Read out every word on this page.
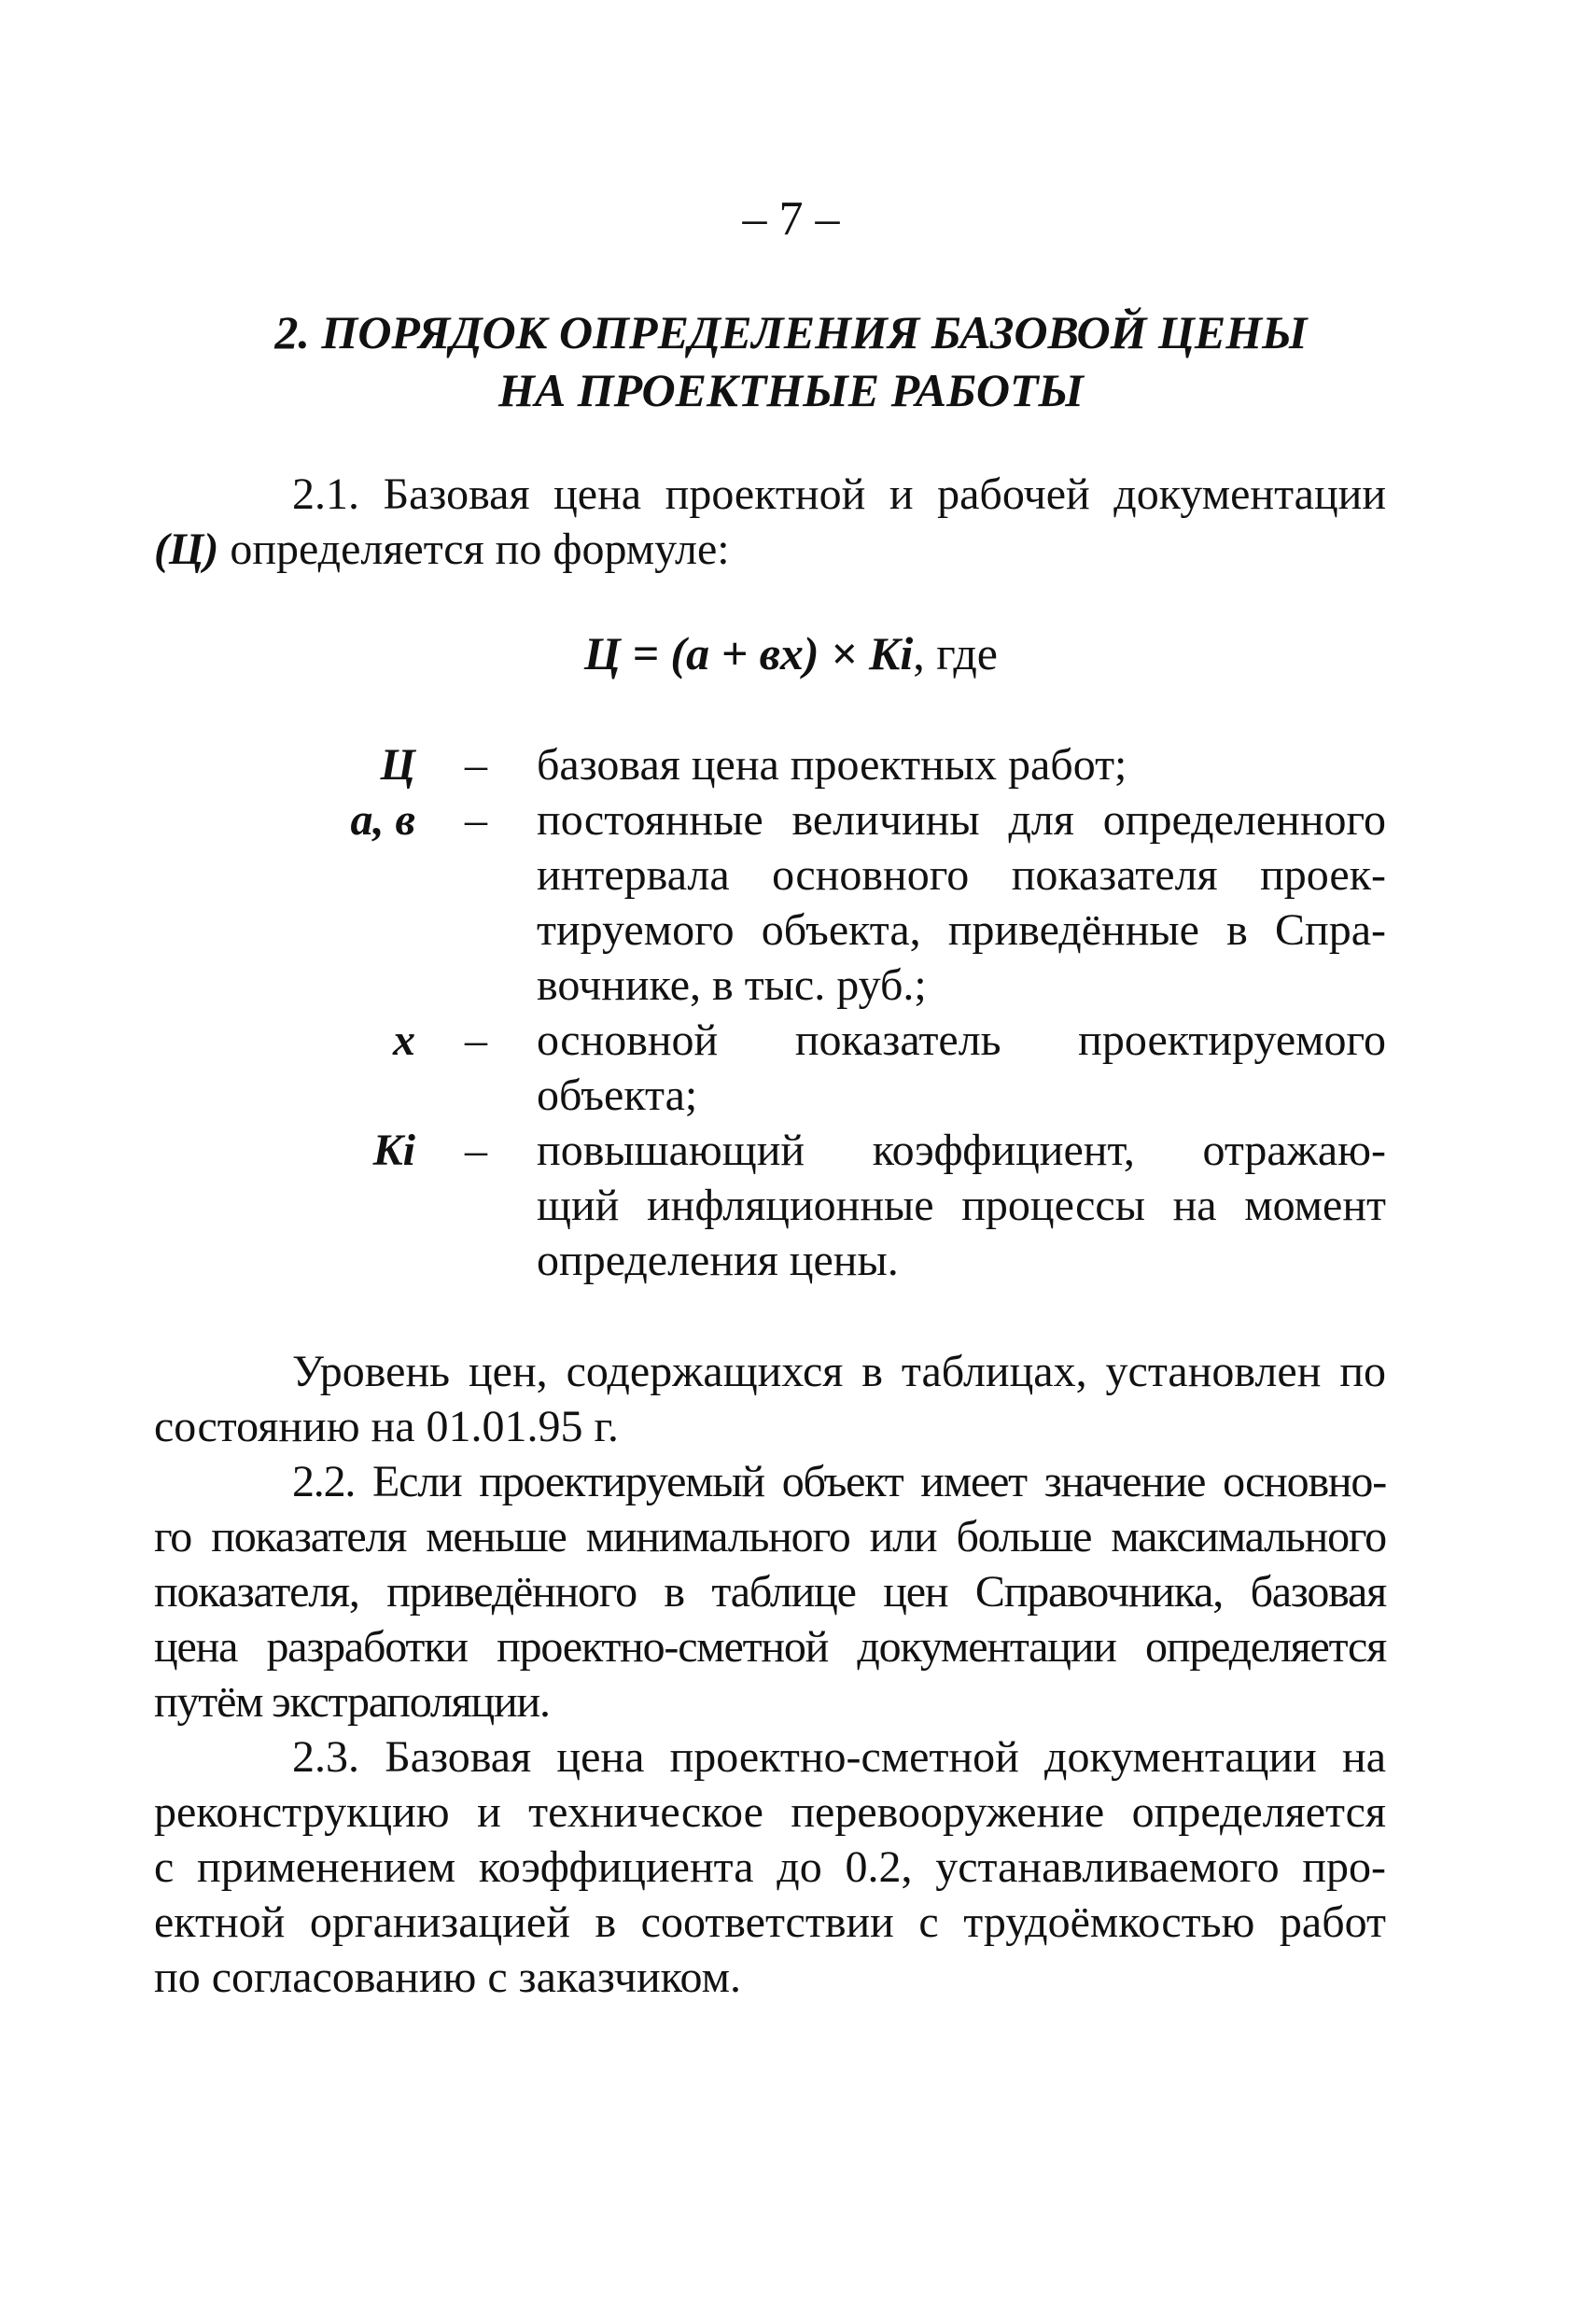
– 7 –
2. ПОРЯДОК ОПРЕДЕЛЕНИЯ БАЗОВОЙ ЦЕНЫ
НА ПРОЕКТНЫЕ РАБОТЫ
2.1. Базовая цена проектной и рабочей документации
(Ц) определяется по формуле:
Ц = (а + вх) × Ki, где
Ц – базовая цена проектных работ;
а, в – постоянные величины для определенного
интервала основного показателя проек-
тируемого объекта, приведённые в Спра-
вочнике, в тыс. руб.;
х – основной показатель проектируемого
объекта;
Ki – повышающий коэффициент, отражаю-
щий инфляционные процессы на момент
определения цены.
Уровень цен, содержащихся в таблицах, установлен по
состоянию на 01.01.95 г.
2.2. Если проектируемый объект имеет значение основно-
го показателя меньше минимального или больше максимального
показателя, приведённого в таблице цен Справочника, базовая
цена разработки проектно-сметной документации определяется
путём экстраполяции.
2.3. Базовая цена проектно-сметной документации на
реконструкцию и техническое перевооружение определяется
с применением коэффициента до 0.2, устанавливаемого про-
ектной организацией в соответствии с трудоёмкостью работ
по согласованию с заказчиком.
